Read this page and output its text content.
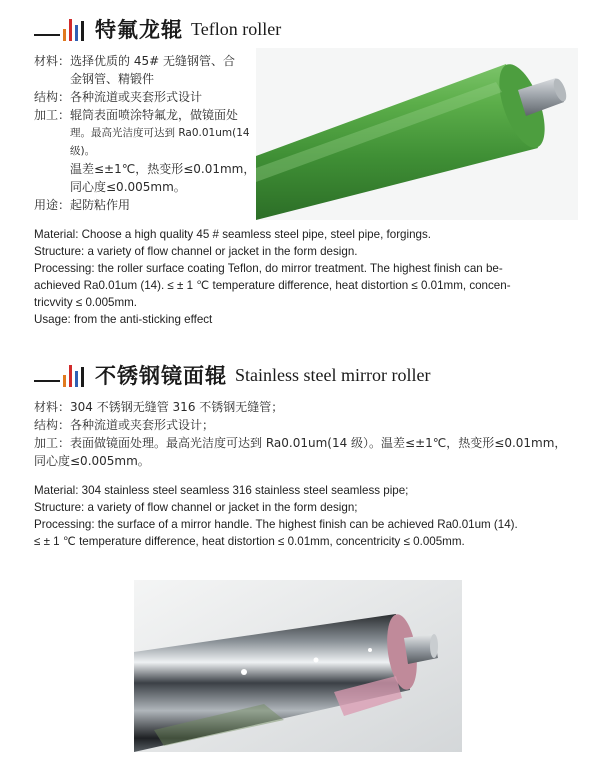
特氟龙辊 Teflon roller
材料： 选择优质的 45# 无缝钢管、合
金钢管、精锻件
结构： 各种流道或夹套形式设计
加工： 辊筒表面喷涂特氟龙，做镜面处
理。最高光洁度可达到 Ra0.01um(14级)。
温差≤±1℃，热变形≤0.01mm，
同心度≤0.005mm。
用途： 起防粘作用
Material: Choose a high quality 45 # seamless steel pipe, steel pipe, forgings.
Structure: a variety of flow channel or jacket in the form design.
Processing: the roller surface coating Teflon, do mirror treatment. The highest finish can be-
achieved Ra0.01um (14). ≤ ± 1 ℃ temperature difference, heat distortion ≤ 0.01mm, concen-
tricvvity ≤ 0.005mm.
Usage: from the anti-sticking effect
不锈钢镜面辊 Stainless steel mirror roller
材料： 304 不锈钢无缝管 316 不锈钢无缝管；
结构： 各种流道或夹套形式设计；
加工： 表面做镜面处理。最高光洁度可达到 Ra0.01um(14 级）。温差≤±1℃，热变形≤0.01mm，
同心度≤0.005mm。
Material: 304 stainless steel seamless 316 stainless steel seamless pipe;
Structure: a variety of flow channel or jacket in the form design;
Processing: the surface of a mirror handle. The highest finish can be achieved Ra0.01um (14).
≤ ± 1 ℃ temperature difference, heat distortion ≤ 0.01mm, concentricity ≤ 0.005mm.
